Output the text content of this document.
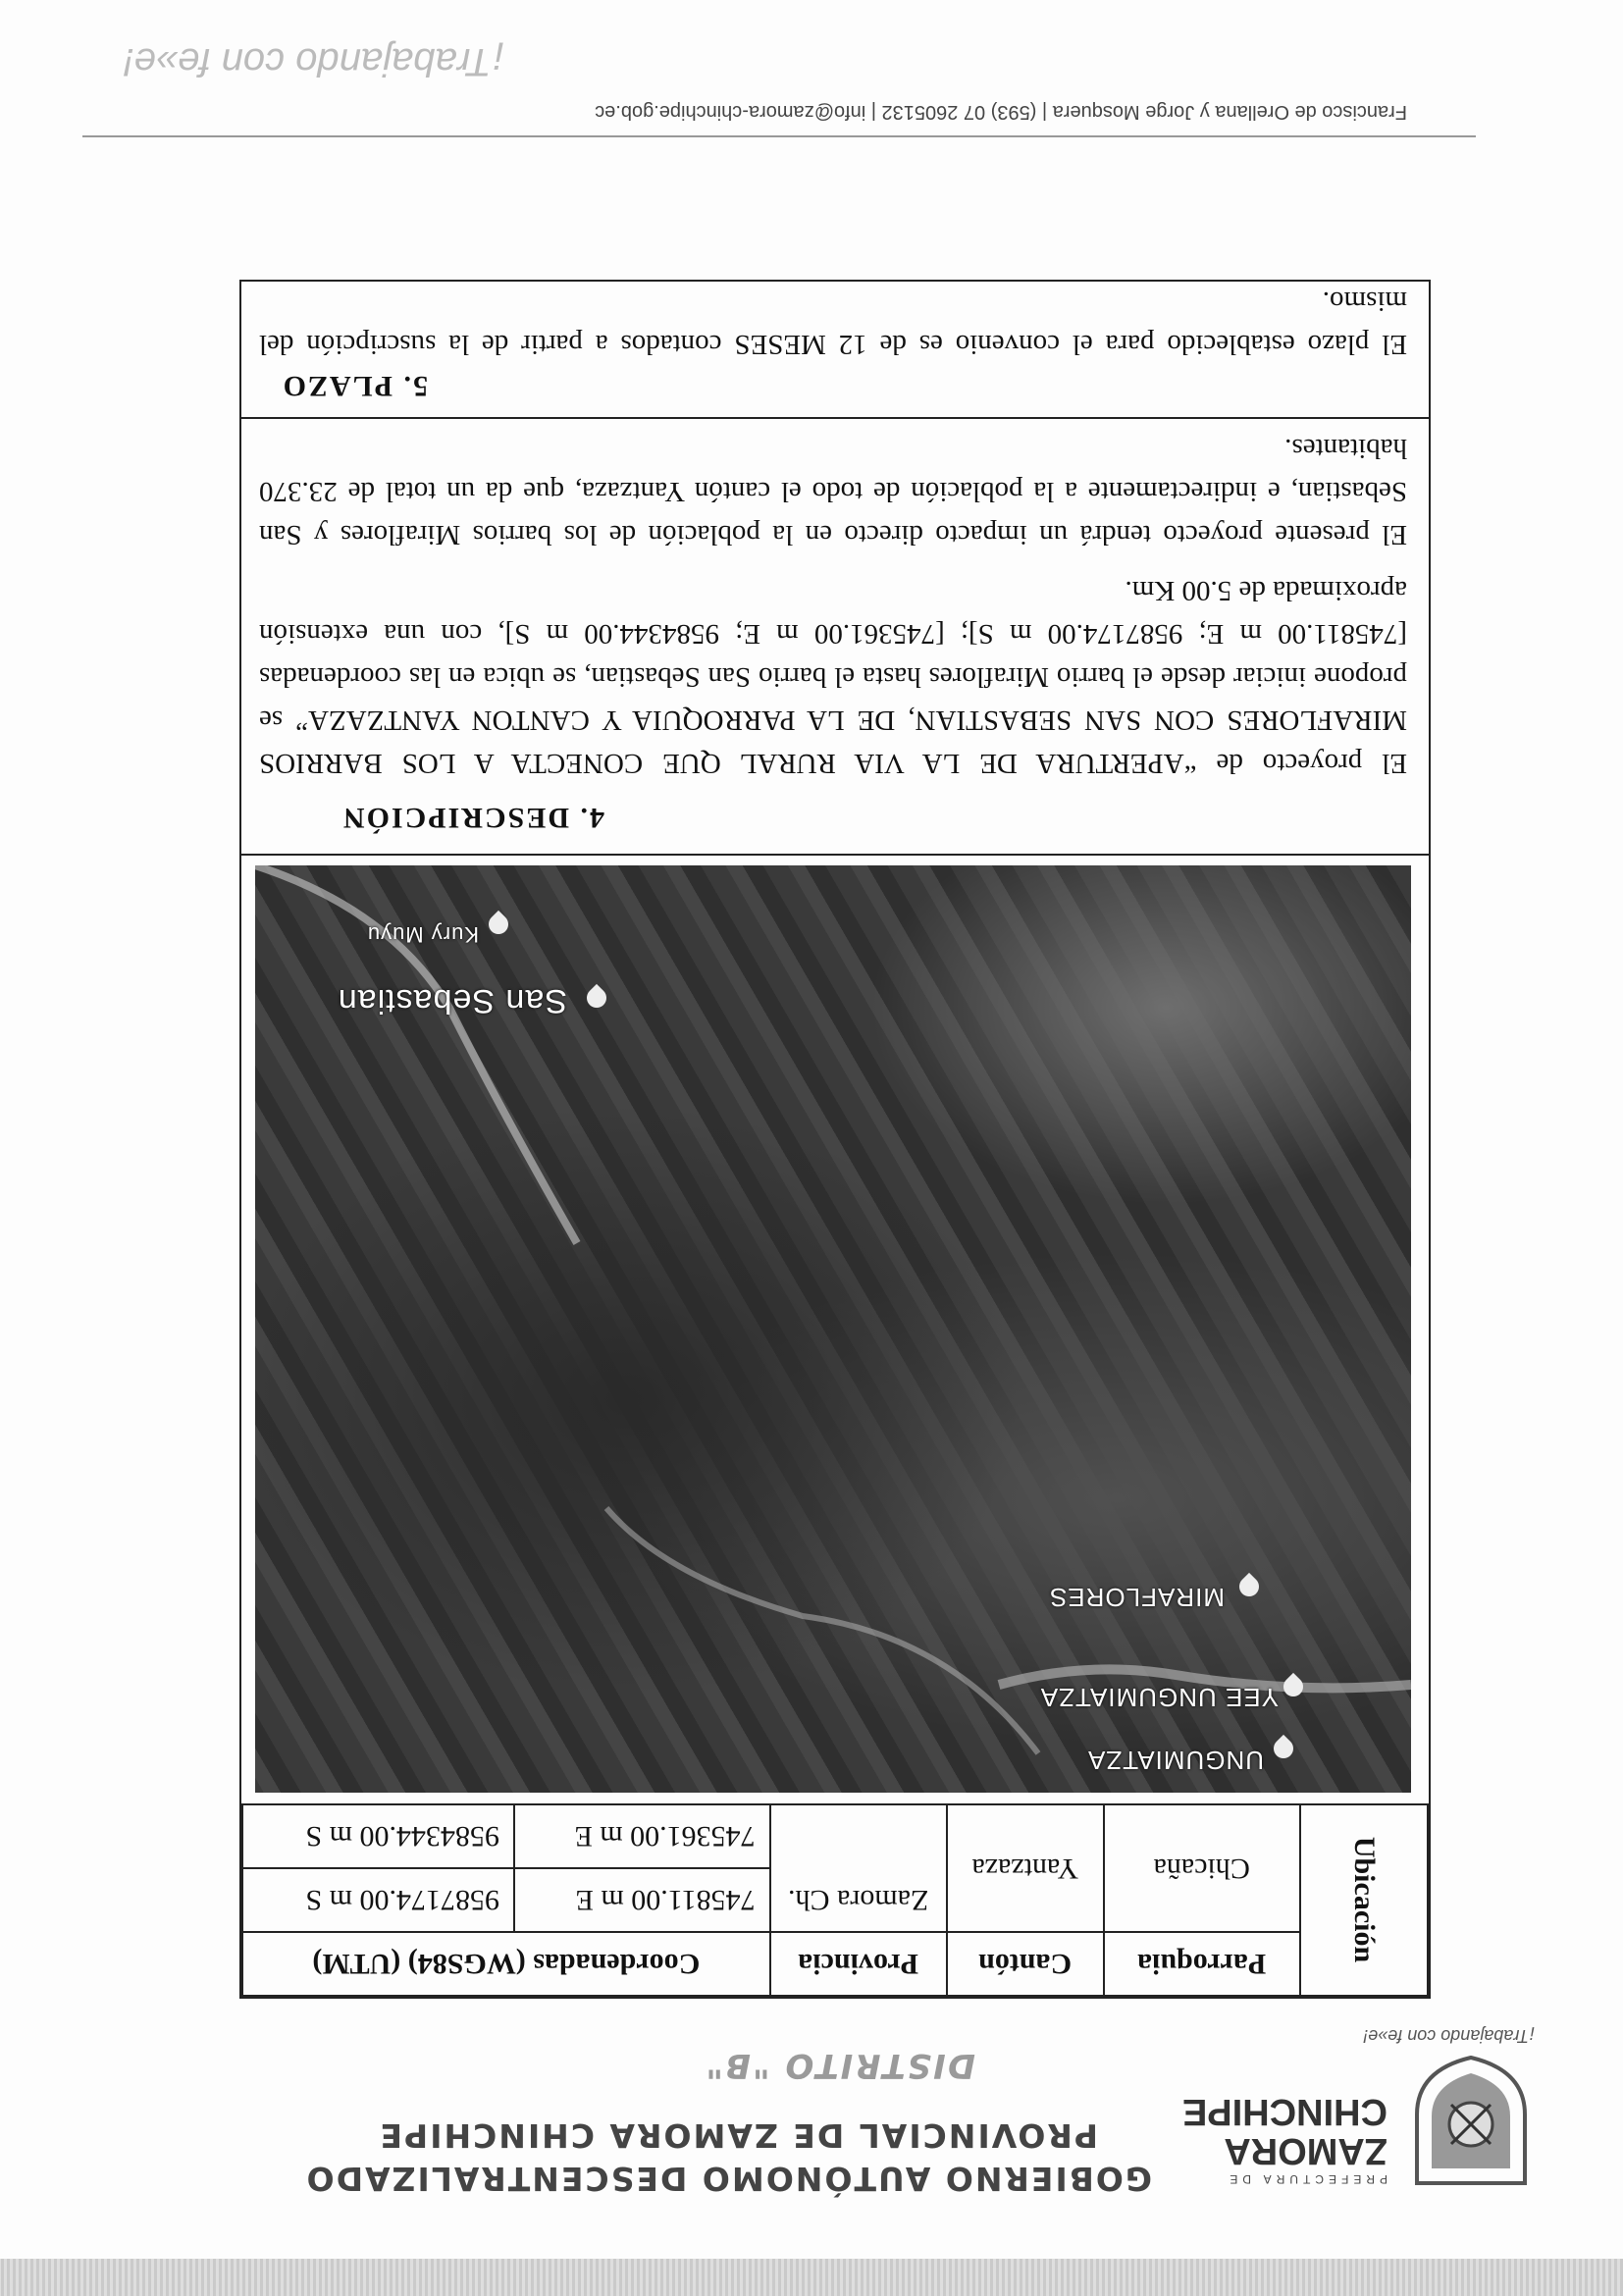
PREFECTURA DE
ZAMORA CHINCHIPE
¡Trabajando con fe»e!
GOBIERNO AUTÓNOMO DESCENTRALIZADO
PROVINCIAL DE ZAMORA CHINCHIPE
DISTRITO "B"
Ubicación	Parroquia	Cantón	Provincia	Coordenadas (WGS84) (UTM)	
	Chicaña	Yantzaza	Zamora Ch.	745811.00 m E	9587174.00 m S
				745361.00 m E	9584344.00 m S
UNGUMIATZA
YEE UNGUMIATZA
MIRAFLORES
San Sebastian
Kury Muyu
4. DESCRIPCIÓN
El proyecto de “APERTURA DE LA VIA RURAL QUE CONECTA A LOS BARRIOS MIRAFLORES CON SAN SEBASTIAN, DE LA PARROQUIA Y CANTON YANTZAZA” se propone iniciar desde el barrio Miraflores hasta el barrio San Sebastian, se ubica en las coordenadas [745811.00 m E; 9587174.00 m S]; [745361.00 m E; 9584344.00 m S], con una extensión aproximada de 5.00 Km.
El presente proyecto tendrá un impacto directo en la población de los barrios Miraflores y San Sebastian, e indirectamente a la población de todo el cantón Yantzaza, que da un total de 23.370 habitantes.
5. PLAZO
El plazo establecido para el convenio es de 12 MESES contados a partir de la suscripción del mismo.
Francisco de Orellana y Jorge Mosquera | (593) 07 2605132 | info@zamora-chinchipe.gob.ec
¡Trabajando con fe»e!
